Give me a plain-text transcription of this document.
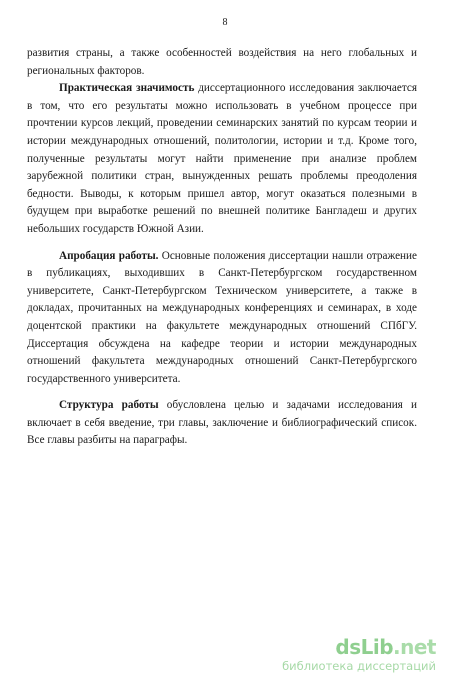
8

развития страны, а также особенностей воздействия на него глобальных и региональных факторов.

Практическая значимость диссертационного исследования заключается в том, что его результаты можно использовать в учебном процессе при прочтении курсов лекций, проведении семинарских занятий по курсам теории и истории международных отношений, политологии, истории и т.д. Кроме того, полученные результаты могут найти применение при анализе проблем зарубежной политики стран, вынужденных решать проблемы преодоления бедности. Выводы, к которым пришел автор, могут оказаться полезными в будущем при выработке решений по внешней политике Бангладеш и других небольших государств Южной Азии.

Апробация работы. Основные положения диссертации нашли отражение в публикациях, выходивших в Санкт-Петербургском государственном университете, Санкт-Петербургском Техническом университете, а также в докладах, прочитанных на международных конференциях и семинарах, в ходе доцентской практики на факультете международных отношений СПбГУ. Диссертация обсуждена на кафедре теории и истории международных отношений факультета международных отношений Санкт-Петербургского государственного университета.

Структура работы обусловлена целью и задачами исследования и включает в себя введение, три главы, заключение и библиографический список. Все главы разбиты на параграфы.

dsLib.net
библиотека диссертаций
